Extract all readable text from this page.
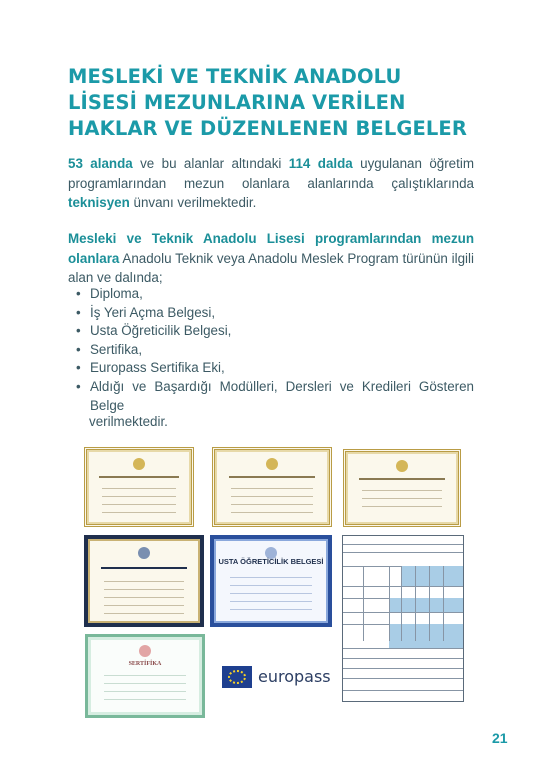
MESLEKİ VE TEKNİK ANADOLU
LİSESİ MEZUNLARINA VERİLEN
HAKLAR VE DÜZENLENEN BELGELER

53 alanda ve bu alanlar altındaki 114 dalda uygulanan öğretim programlarından mezun olanlara alanlarında çalıştıklarında teknisyen ünvanı verilmektedir.

Mesleki ve Teknik Anadolu Lisesi programlarından mezun olanlara Anadolu Teknik veya Anadolu Meslek Program türünün ilgili alan ve dalında;

• Diploma,
• İş Yeri Açma Belgesi,
• Usta Öğreticilik Belgesi,
• Sertifika,
• Europass Sertifika Eki,
• Aldığı ve Başardığı Modülleri, Dersleri ve Kredileri Gösteren Belge
verilmektedir.
USTA ÖĞRETİCİLİK BELGESİ
SERTİFİKA
europass
21
